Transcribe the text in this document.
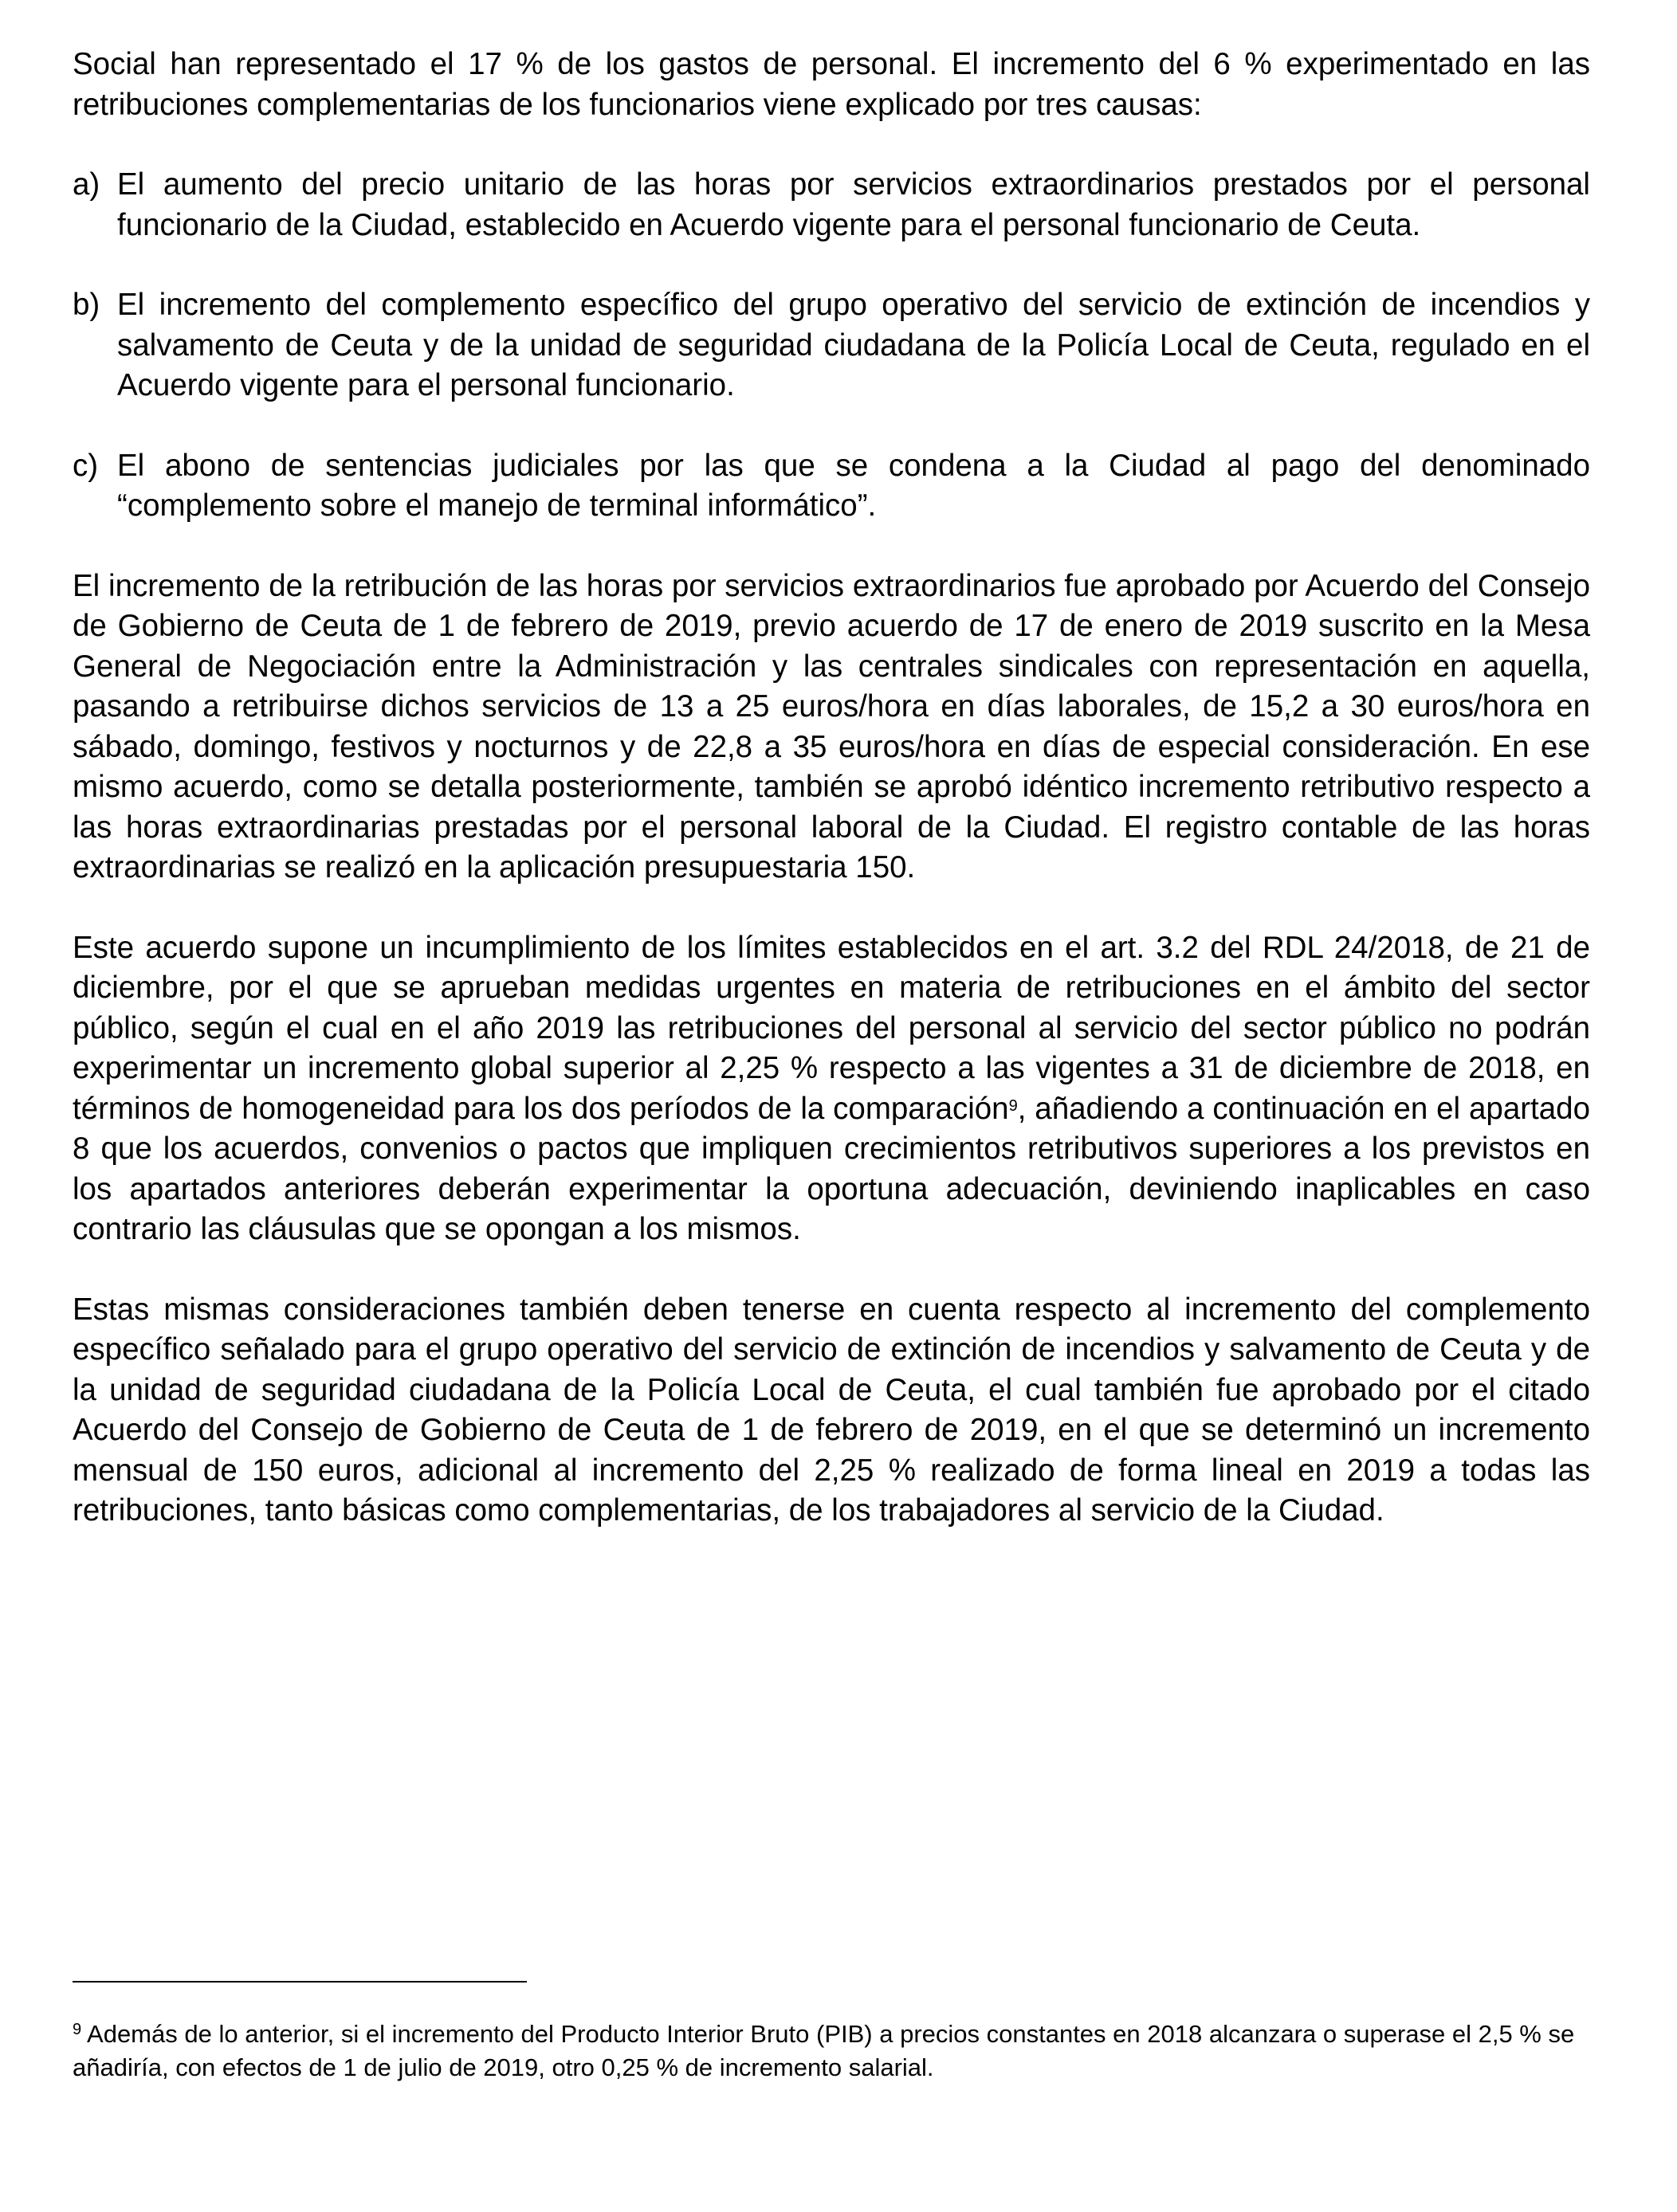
Social han representado el 17 % de los gastos de personal. El incremento del 6 % experimentado en las retribuciones complementarias de los funcionarios viene explicado por tres causas:

a) El aumento del precio unitario de las horas por servicios extraordinarios prestados por el personal funcionario de la Ciudad, establecido en Acuerdo vigente para el personal funcionario de Ceuta.
b) El incremento del complemento específico del grupo operativo del servicio de extinción de incendios y salvamento de Ceuta y de la unidad de seguridad ciudadana de la Policía Local de Ceuta, regulado en el Acuerdo vigente para el personal funcionario.
c) El abono de sentencias judiciales por las que se condena a la Ciudad al pago del denominado “complemento sobre el manejo de terminal informático”.

El incremento de la retribución de las horas por servicios extraordinarios fue aprobado por Acuerdo del Consejo de Gobierno de Ceuta de 1 de febrero de 2019, previo acuerdo de 17 de enero de 2019 suscrito en la Mesa General de Negociación entre la Administración y las centrales sindicales con representación en aquella, pasando a retribuirse dichos servicios de 13 a 25 euros/hora en días laborales, de 15,2 a 30 euros/hora en sábado, domingo, festivos y nocturnos y de 22,8 a 35 euros/hora en días de especial consideración. En ese mismo acuerdo, como se detalla posteriormente, también se aprobó idéntico incremento retributivo respecto a las horas extraordinarias prestadas por el personal laboral de la Ciudad. El registro contable de las horas extraordinarias se realizó en la aplicación presupuestaria 150.

Este acuerdo supone un incumplimiento de los límites establecidos en el art. 3.2 del RDL 24/2018, de 21 de diciembre, por el que se aprueban medidas urgentes en materia de retribuciones en el ámbito del sector público, según el cual en el año 2019 las retribuciones del personal al servicio del sector público no podrán experimentar un incremento global superior al 2,25 % respecto a las vigentes a 31 de diciembre de 2018, en términos de homogeneidad para los dos períodos de la comparación$^9$, añadiendo a continuación en el apartado 8 que los acuerdos, convenios o pactos que impliquen crecimientos retributivos superiores a los previstos en los apartados anteriores deberán experimentar la oportuna adecuación, deviniendo inaplicables en caso contrario las cláusulas que se opongan a los mismos.

Estas mismas consideraciones también deben tenerse en cuenta respecto al incremento del complemento específico señalado para el grupo operativo del servicio de extinción de incendios y salvamento de Ceuta y de la unidad de seguridad ciudadana de la Policía Local de Ceuta, el cual también fue aprobado por el citado Acuerdo del Consejo de Gobierno de Ceuta de 1 de febrero de 2019, en el que se determinó un incremento mensual de 150 euros, adicional al incremento del 2,25 % realizado de forma lineal en 2019 a todas las retribuciones, tanto básicas como complementarias, de los trabajadores al servicio de la Ciudad.

$^9$ Además de lo anterior, si el incremento del Producto Interior Bruto (PIB) a precios constantes en 2018 alcanzara o superase el 2,5 % se añadiría, con efectos de 1 de julio de 2019, otro 0,25 % de incremento salarial.
